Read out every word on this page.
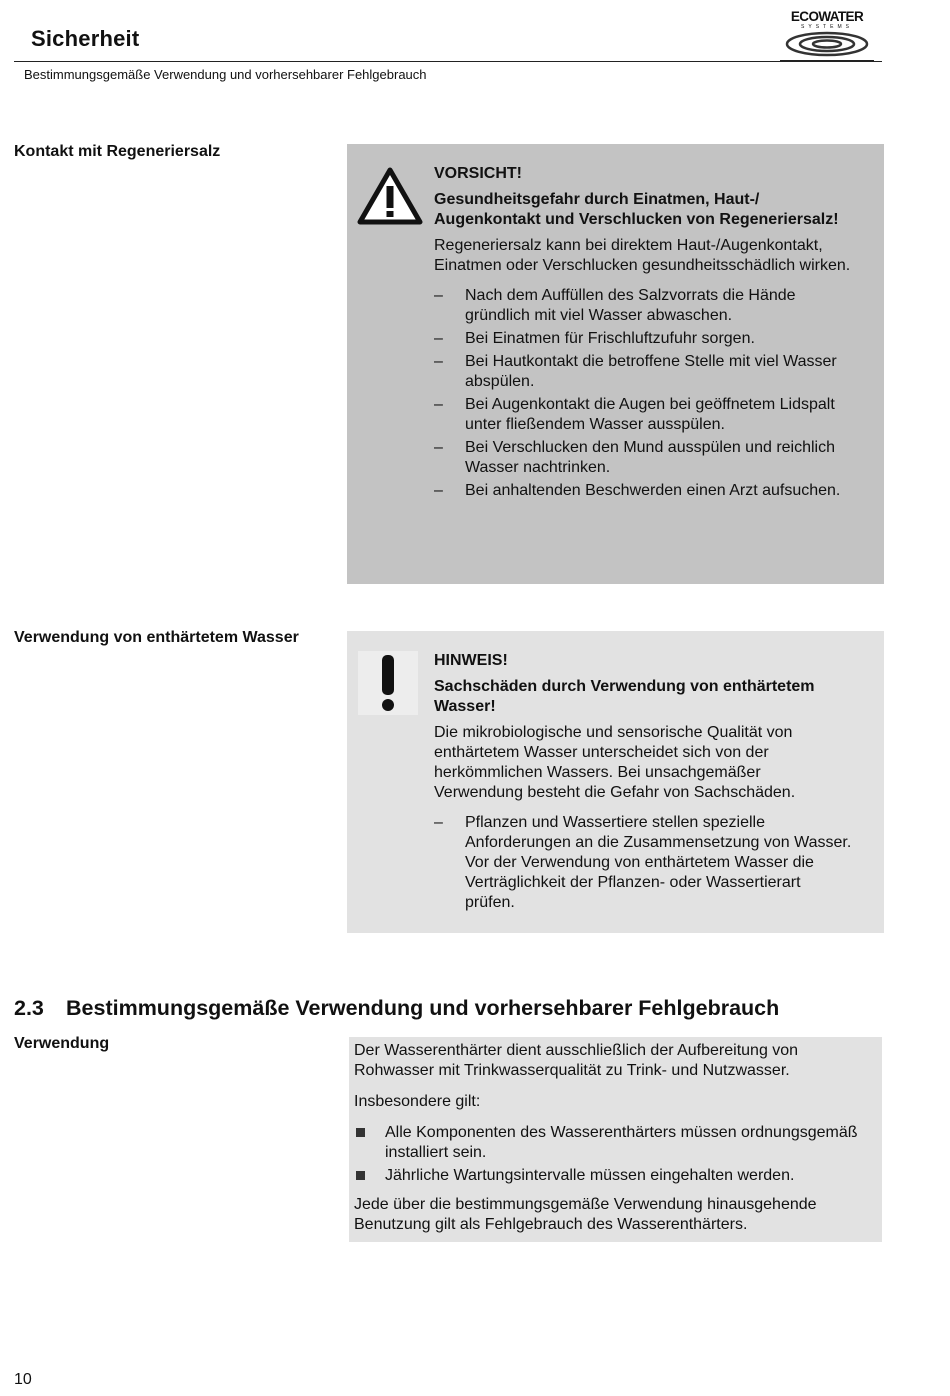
Sicherheit
Bestimmungsgemäße Verwendung und vorhersehbarer Fehlgebrauch
ECOWATER
SYSTEMS
Kontakt mit Regeneriersalz

VORSICHT!

Gesundheitsgefahr durch Einatmen, Haut-/ Augenkontakt und Verschlucken von Regeneriersalz!

Regeneriersalz kann bei direktem Haut-/Augenkontakt, Einatmen oder Verschlucken gesundheitsschädlich wirken.

– Nach dem Auffüllen des Salzvorrats die Hände gründlich mit viel Wasser abwaschen.
– Bei Einatmen für Frischluftzufuhr sorgen.
– Bei Hautkontakt die betroffene Stelle mit viel Wasser abspülen.
– Bei Augenkontakt die Augen bei geöffnetem Lidspalt unter fließendem Wasser ausspülen.
– Bei Verschlucken den Mund ausspülen und reichlich Wasser nachtrinken.
– Bei anhaltenden Beschwerden einen Arzt aufsuchen.
Verwendung von enthärtetem Wasser

HINWEIS!

Sachschäden durch Verwendung von enthärtetem Wasser!

Die mikrobiologische und sensorische Qualität von enthärtetem Wasser unterscheidet sich von der herkömmlichen Wassers. Bei unsachgemäßer Verwendung besteht die Gefahr von Sachschäden.

– Pflanzen und Wassertiere stellen spezielle Anforderungen an die Zusammensetzung von Wasser. Vor der Verwendung von enthärtetem Wasser die Verträglichkeit der Pflanzen- oder Wassertierart prüfen.
2.3 Bestimmungsgemäße Verwendung und vorhersehbarer Fehlgebrauch
Verwendung	Der Wasserenthärter dient ausschließlich der Aufbereitung von Rohwasser mit Trinkwasserqualität zu Trink- und Nutzwasser.

Insbesondere gilt:

Alle Komponenten des Wasserenthärters müssen ordnungsgemäß installiert sein.
Jährliche Wartungsintervalle müssen eingehalten werden.

Jede über die bestimmungsgemäße Verwendung hinausgehende Benutzung gilt als Fehlgebrauch des Wasserenthärters.

10
